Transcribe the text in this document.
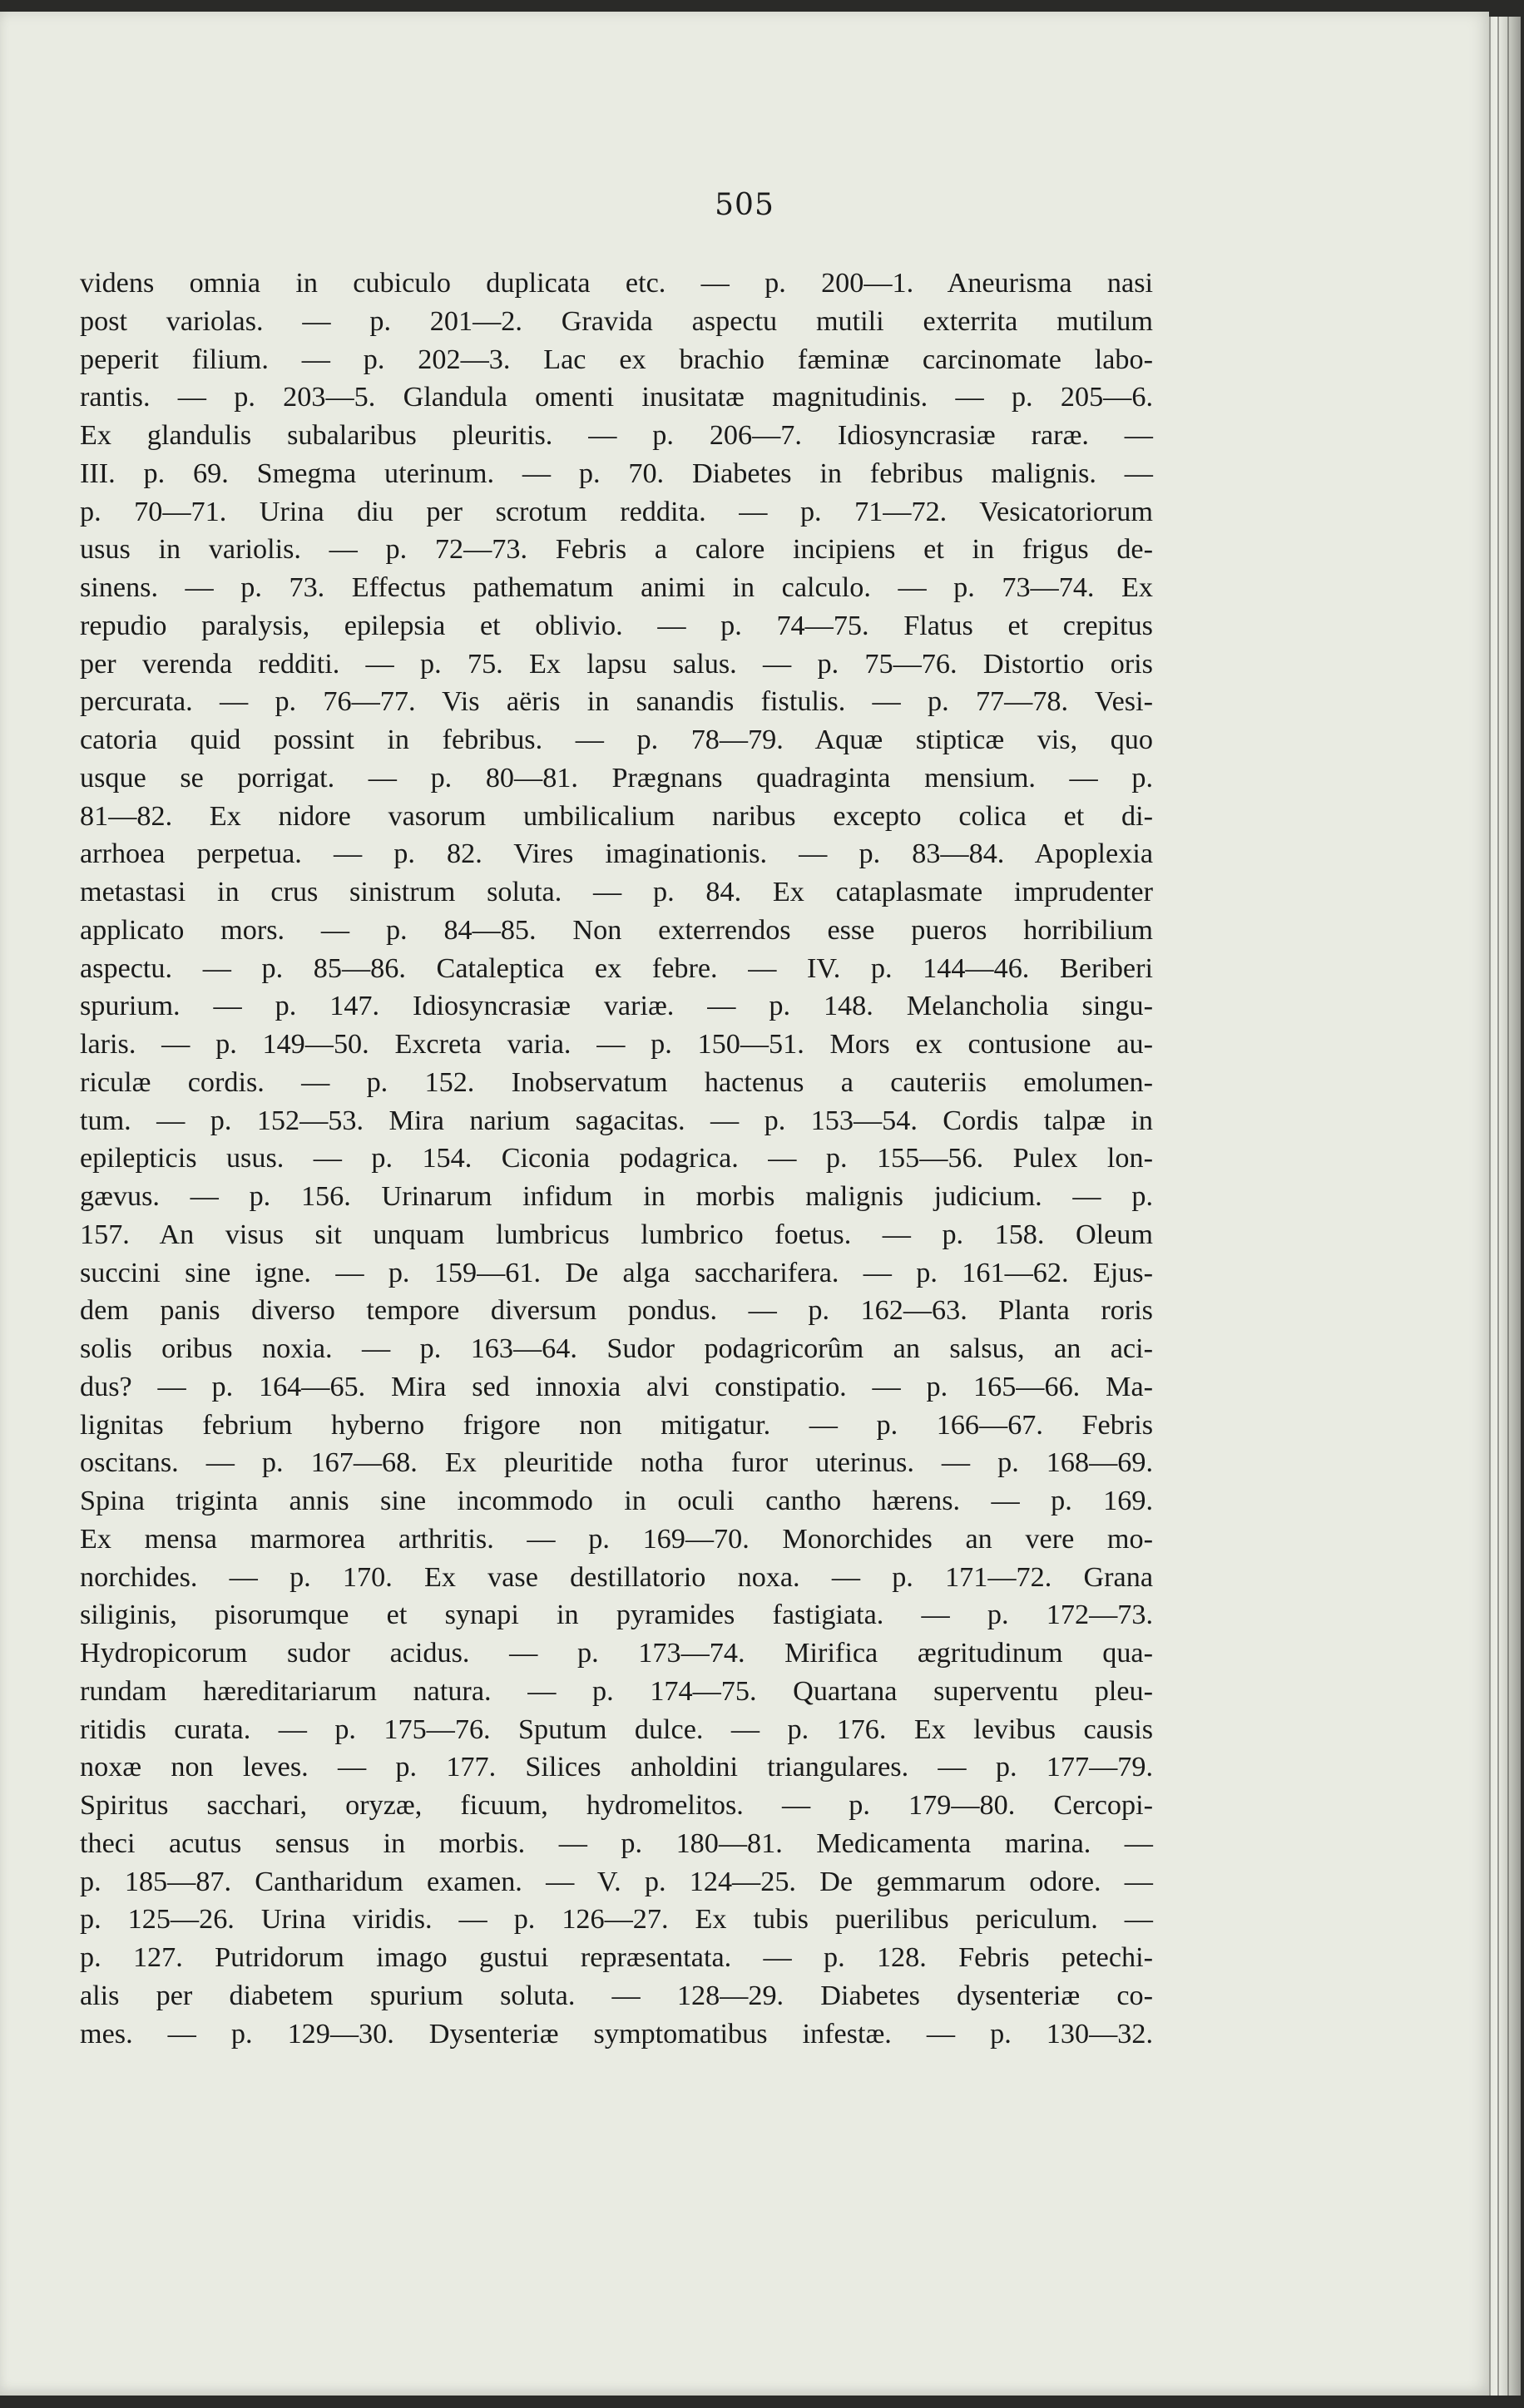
505
videns omnia in cubiculo duplicata etc. — p. 200—1. Aneurisma nasi
post variolas. — p. 201—2. Gravida aspectu mutili exterrita mutilum
peperit filium. — p. 202—3. Lac ex brachio fæminæ carcinomate labo-
rantis. — p. 203—5. Glandula omenti inusitatæ magnitudinis. — p. 205—6.
Ex glandulis subalaribus pleuritis. — p. 206—7. Idiosyncrasiæ raræ. —
III. p. 69. Smegma uterinum. — p. 70. Diabetes in febribus malignis. —
p. 70—71. Urina diu per scrotum reddita. — p. 71—72. Vesicatoriorum
usus in variolis. — p. 72—73. Febris a calore incipiens et in frigus de-
sinens. — p. 73. Effectus pathematum animi in calculo. — p. 73—74. Ex
repudio paralysis, epilepsia et oblivio. — p. 74—75. Flatus et crepitus
per verenda redditi. — p. 75. Ex lapsu salus. — p. 75—76. Distortio oris
percurata. — p. 76—77. Vis aëris in sanandis fistulis. — p. 77—78. Vesi-
catoria quid possint in febribus. — p. 78—79. Aquæ stipticæ vis, quo
usque se porrigat. — p. 80—81. Prægnans quadraginta mensium. — p.
81—82. Ex nidore vasorum umbilicalium naribus excepto colica et di-
arrhoea perpetua. — p. 82. Vires imaginationis. — p. 83—84. Apoplexia
metastasi in crus sinistrum soluta. — p. 84. Ex cataplasmate imprudenter
applicato mors. — p. 84—85. Non exterrendos esse pueros horribilium
aspectu. — p. 85—86. Cataleptica ex febre. — IV. p. 144—46. Beriberi
spurium. — p. 147. Idiosyncrasiæ variæ. — p. 148. Melancholia singu-
laris. — p. 149—50. Excreta varia. — p. 150—51. Mors ex contusione au-
riculæ cordis. — p. 152. Inobservatum hactenus a cauteriis emolumen-
tum. — p. 152—53. Mira narium sagacitas. — p. 153—54. Cordis talpæ in
epilepticis usus. — p. 154. Ciconia podagrica. — p. 155—56. Pulex lon-
gævus. — p. 156. Urinarum infidum in morbis malignis judicium. — p.
157. An visus sit unquam lumbricus lumbrico foetus. — p. 158. Oleum
succini sine igne. — p. 159—61. De alga saccharifera. — p. 161—62. Ejus-
dem panis diverso tempore diversum pondus. — p. 162—63. Planta roris
solis oribus noxia. — p. 163—64. Sudor podagricorûm an salsus, an aci-
dus? — p. 164—65. Mira sed innoxia alvi constipatio. — p. 165—66. Ma-
lignitas febrium hyberno frigore non mitigatur. — p. 166—67. Febris
oscitans. — p. 167—68. Ex pleuritide notha furor uterinus. — p. 168—69.
Spina triginta annis sine incommodo in oculi cantho hærens. — p. 169.
Ex mensa marmorea arthritis. — p. 169—70. Monorchides an vere mo-
norchides. — p. 170. Ex vase destillatorio noxa. — p. 171—72. Grana
siliginis, pisorumque et synapi in pyramides fastigiata. — p. 172—73.
Hydropicorum sudor acidus. — p. 173—74. Mirifica ægritudinum qua-
rundam hæreditariarum natura. — p. 174—75. Quartana superventu pleu-
ritidis curata. — p. 175—76. Sputum dulce. — p. 176. Ex levibus causis
noxæ non leves. — p. 177. Silices anholdini triangulares. — p. 177—79.
Spiritus sacchari, oryzæ, ficuum, hydromelitos. — p. 179—80. Cercopi-
theci acutus sensus in morbis. — p. 180—81. Medicamenta marina. —
p. 185—87. Cantharidum examen. — V. p. 124—25. De gemmarum odore. —
p. 125—26. Urina viridis. — p. 126—27. Ex tubis puerilibus periculum. —
p. 127. Putridorum imago gustui repræsentata. — p. 128. Febris petechi-
alis per diabetem spurium soluta. — 128—29. Diabetes dysenteriæ co-
mes. — p. 129—30. Dysenteriæ symptomatibus infestæ. — p. 130—32.
